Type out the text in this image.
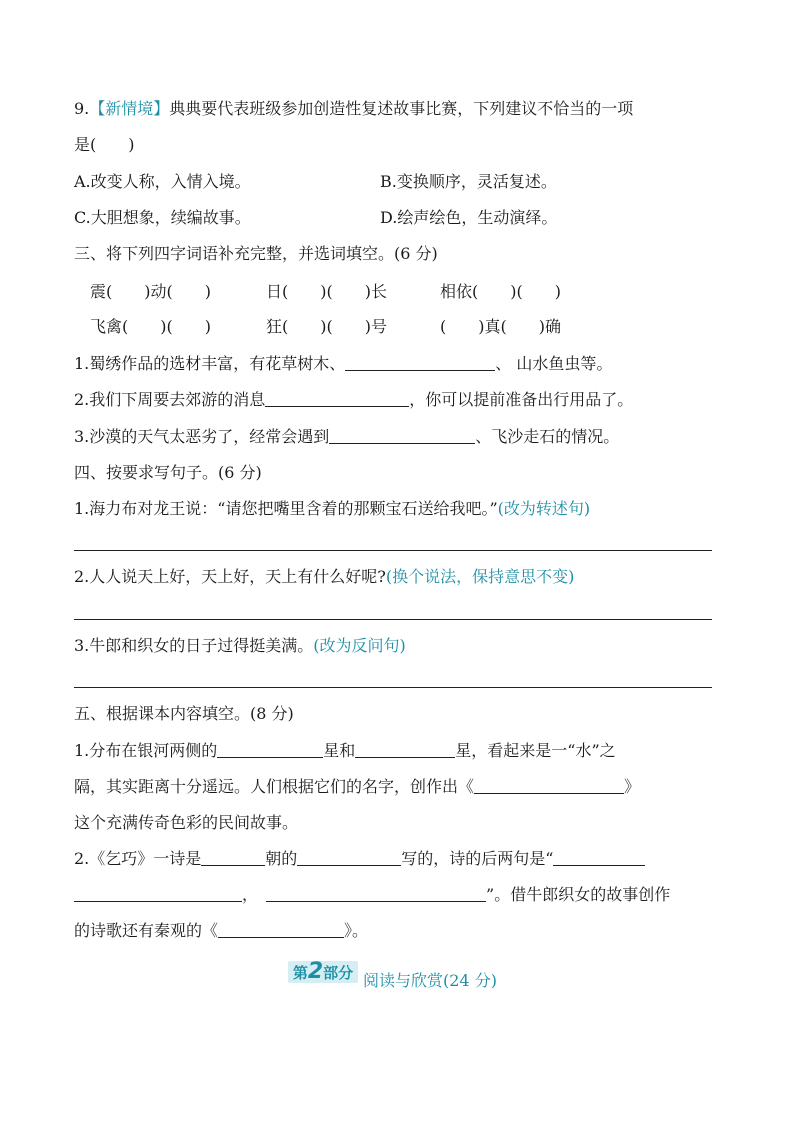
9.【新情境】典典要代表班级参加创造性复述故事比赛，下列建议不恰当的一项
是(　　)
A.改变人称，入情入境。	B.变换顺序，灵活复述。
C.大胆想象，续编故事。	D.绘声绘色，生动演绎。
三、将下列四字词语补充完整，并选词填空。(6 分)
震(　　)动(　　)	日(　　)(　　)长	相依(　　)(　　)
飞禽(　　)(　　)	狂(　　)(　　)号	(　　)真(　　)确
1.蜀绣作品的选材丰富，有花草树木、	、 山水鱼虫等。
2.我们下周要去郊游的消息	，你可以提前准备出行用品了。
3.沙漠的天气太恶劣了，经常会遇到	、飞沙走石的情况。
四、按要求写句子。(6 分)
1.海力布对龙王说：“请您把嘴里含着的那颗宝石送给我吧。”(改为转述句)
2.人人说天上好，天上好，天上有什么好呢?(换个说法，保持意思不变)
3.牛郎和织女的日子过得挺美满。(改为反问句)
五、根据课本内容填空。(8 分)
1.分布在银河两侧的	星和	星，看起来是一“水”之
隔，其实距离十分遥远。人们根据它们的名字，创作出《	》
这个充满传奇色彩的民间故事。
2.《乞巧》一诗是	朝的	写的，诗的后两句是“
，	”。借牛郎织女的故事创作
的诗歌还有秦观的《	》。
第2部分 阅读与欣赏(24 分)
